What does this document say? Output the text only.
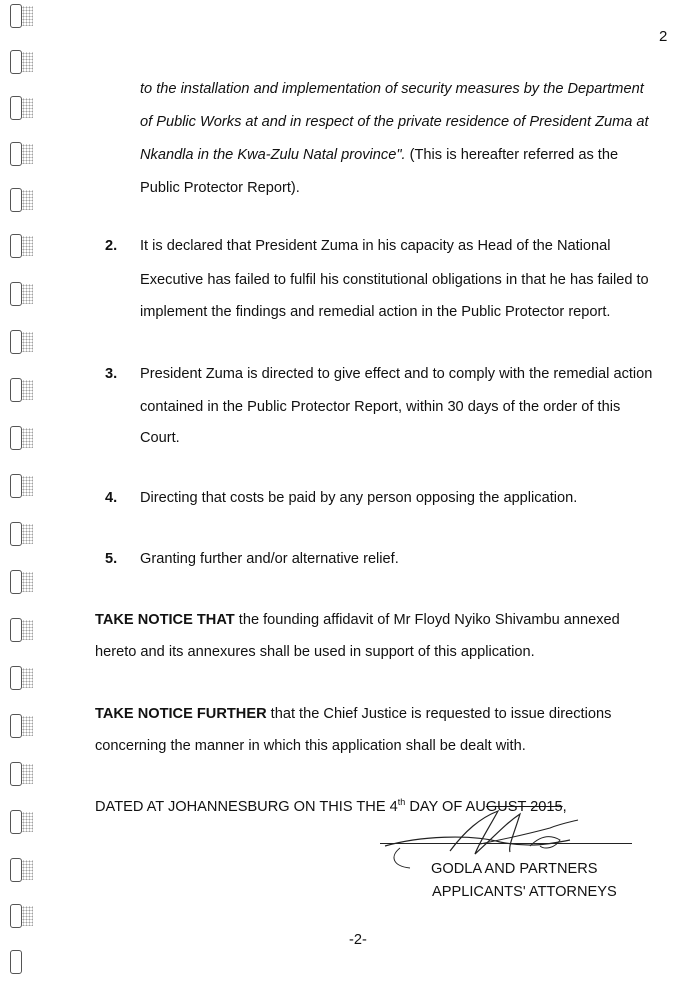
2
to the installation and implementation of security measures by the Department
of Public Works at and in respect of the private residence of President Zuma at
Nkandla in the Kwa-Zulu Natal province". (This is hereafter referred as the
Public Protector Report).
2. It is declared that President Zuma in his capacity as Head of the National
Executive has failed to fulfil his constitutional obligations in that he has failed to
implement the findings and remedial action in the Public Protector report.
3. President Zuma is directed to give effect and to comply with the remedial action
contained in the Public Protector Report, within 30 days of the order of this
Court.
4. Directing that costs be paid by any person opposing the application.
5. Granting further and/or alternative relief.
TAKE NOTICE THAT the founding affidavit of Mr Floyd Nyiko Shivambu annexed
hereto and its annexures shall be used in support of this application.
TAKE NOTICE FURTHER that the Chief Justice is requested to issue directions
concerning the manner in which this application shall be dealt with.
DATED AT JOHANNESBURG ON THIS THE 4th DAY OF AUGUST 2015,
GODLA AND PARTNERS
APPLICANTS' ATTORNEYS
-2-
